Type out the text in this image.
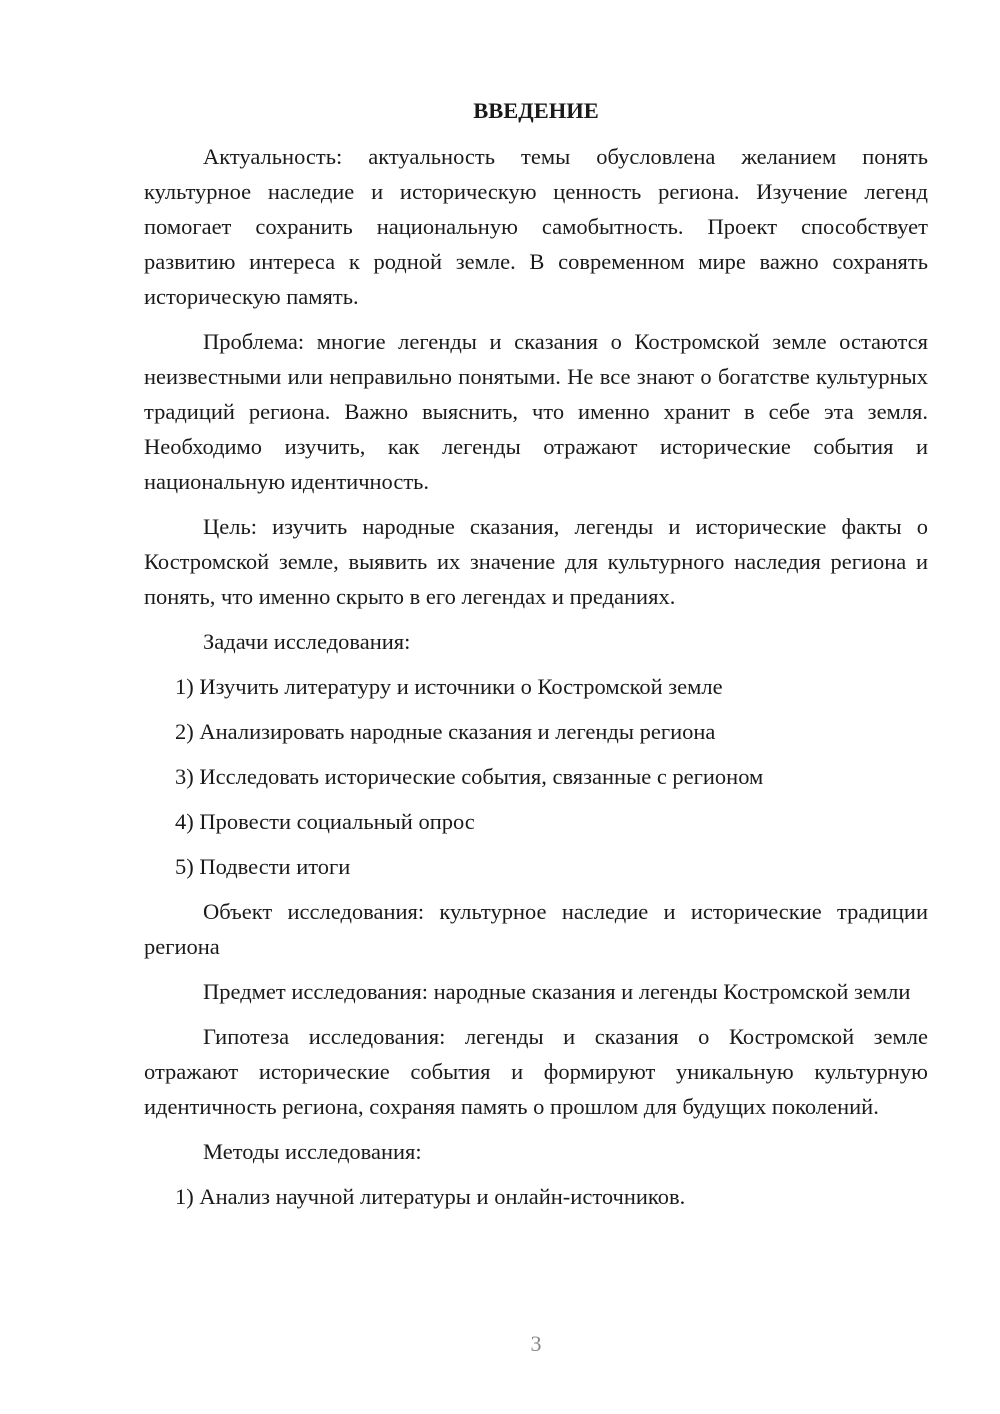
ВВЕДЕНИЕ

Актуальность: актуальность темы обусловлена желанием понять культурное наследие и историческую ценность региона. Изучение легенд помогает сохранить национальную самобытность. Проект способствует развитию интереса к родной земле. В современном мире важно сохранять историческую память.

Проблема: многие легенды и сказания о Костромской земле остаются неизвестными или неправильно понятыми. Не все знают о богатстве культурных традиций региона. Важно выяснить, что именно хранит в себе эта земля. Необходимо изучить, как легенды отражают исторические события и национальную идентичность.

Цель: изучить народные сказания, легенды и исторические факты о Костромской земле, выявить их значение для культурного наследия региона и понять, что именно скрыто в его легендах и преданиях.

Задачи исследования:

1) Изучить литературу и источники о Костромской земле

2) Анализировать народные сказания и легенды региона

3) Исследовать исторические события, связанные с регионом

4) Провести социальный опрос

5) Подвести итоги

Объект исследования: культурное наследие и исторические традиции региона

Предмет исследования: народные сказания и легенды Костромской земли

Гипотеза исследования: легенды и сказания о Костромской земле отражают исторические события и формируют уникальную культурную идентичность региона, сохраняя память о прошлом для будущих поколений.

Методы исследования:

1) Анализ научной литературы и онлайн-источников.

3
